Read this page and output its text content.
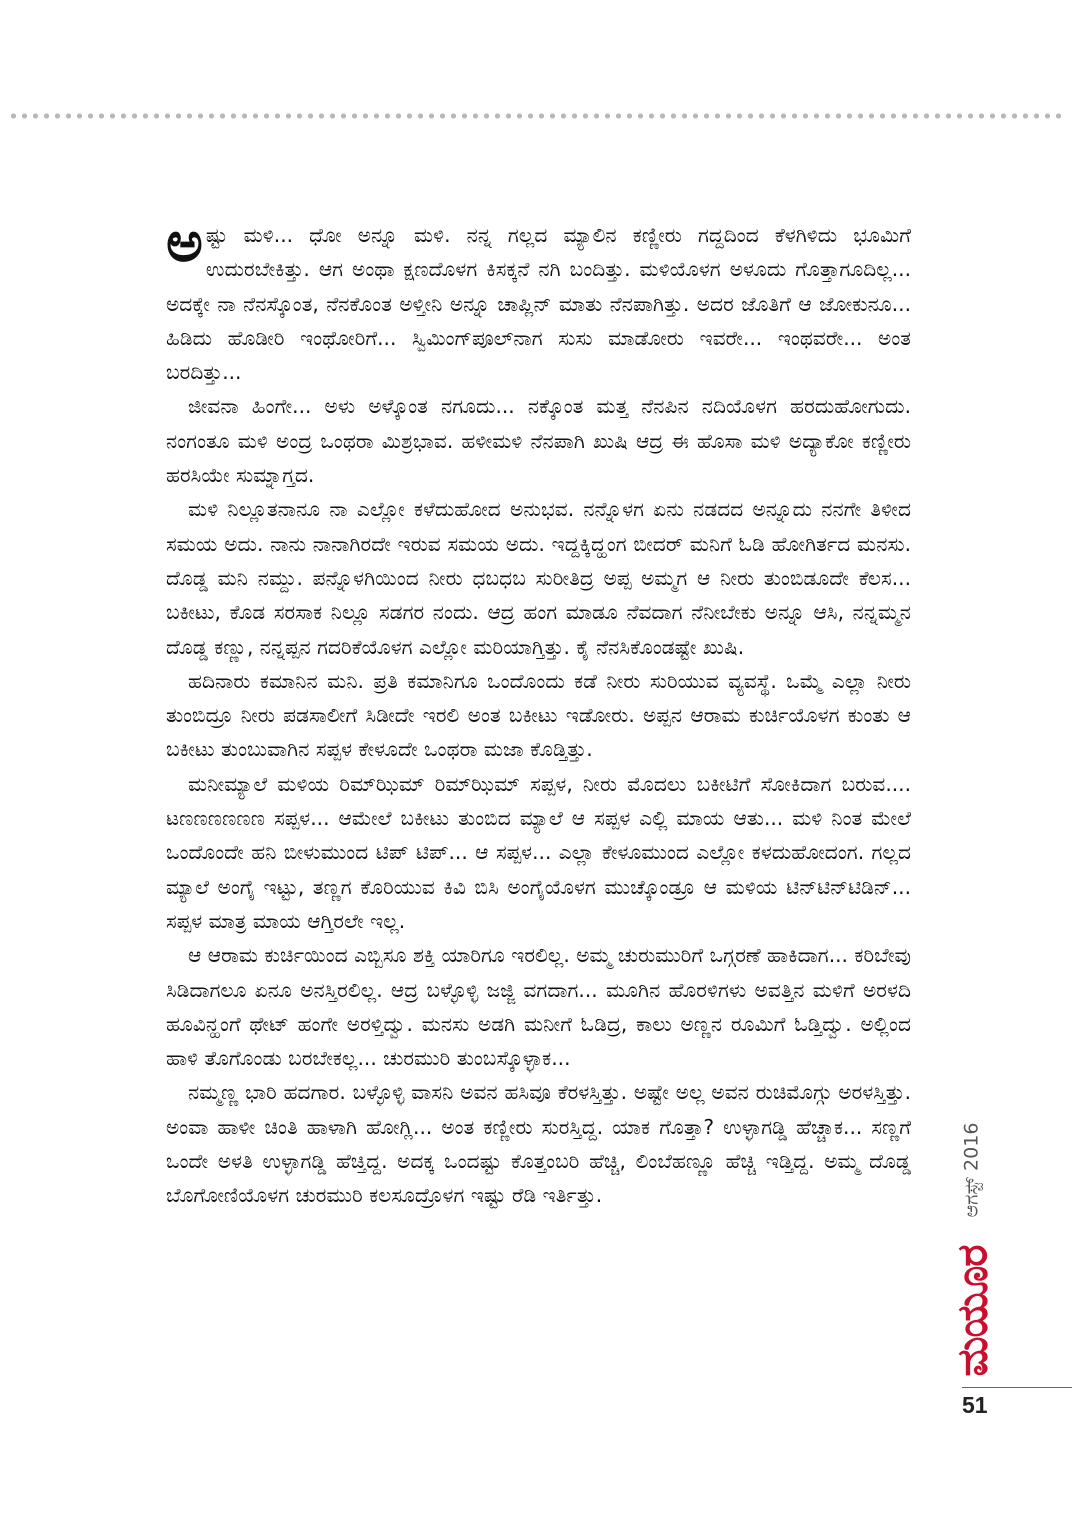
ಅಷ್ಟು ಮಳಿ... ಧೋ ಅನ್ನೂ ಮಳಿ. ನನ್ನ ಗಲ್ಲದ ಮ್ಯಾಲಿನ ಕಣ್ಣೀರು ಗದ್ದದಿಂದ ಕೆಳಗಿಳಿದು ಭೂಮಿಗೆ ಉದುರಬೇಕಿತ್ತು. ಆಗ ಅಂಥಾ ಕ್ಷಣದೊಳಗ ಕಿಸಕ್ಕನೆ ನಗಿ ಬಂದಿತ್ತು. ಮಳಿಯೊಳಗ ಅಳೂದು ಗೊತ್ತಾಗೂದಿಲ್ಲ... ಅದಕ್ಕೇ ನಾ ನೆನಸ್ಕೊಂತ, ನೆನಕೊಂತ ಅಳ್ತೀನಿ ಅನ್ನೂ ಚಾಪ್ಲಿನ್ ಮಾತು ನೆನಪಾಗಿತ್ತು. ಅದರ ಜೊತಿಗೆ ಆ ಜೋಕುನೂ... ಹಿಡಿದು ಹೊಡೀರಿ ಇಂಥೋರಿಗೆ... ಸ್ವಿಮಿಂಗ್‌ಪೂಲ್‌ನಾಗ ಸುಸು ಮಾಡೋರು ಇವರೇ... ಇಂಥವರೇ... ಅಂತ ಬರದಿತ್ತು...

ಜೀವನಾ ಹಿಂಗೇ... ಅಳು ಅಳ್ಕೊಂತ ನಗೂದು... ನಕ್ಕೊಂತ ಮತ್ತ ನೆನಪಿನ ನದಿಯೊಳಗ ಹರದುಹೋಗುದು. ನಂಗಂತೂ ಮಳಿ ಅಂದ್ರ ಒಂಥರಾ ಮಿಶ್ರಭಾವ. ಹಳೀಮಳಿ ನೆನಪಾಗಿ ಖುಷಿ ಆದ್ರ ಈ ಹೊಸಾ ಮಳಿ ಅದ್ಯಾಕೋ ಕಣ್ಣೀರು ಹರಸಿಯೇ ಸುಮ್ನಾಗ್ತದ.

ಮಳಿ ನಿಲ್ಲೂತನಾನೂ ನಾ ಎಲ್ಲೋ ಕಳೆದುಹೋದ ಅನುಭವ. ನನ್ನೊಳಗ ಏನು ನಡದದ ಅನ್ನೂದು ನನಗೇ ತಿಳೀದ ಸಮಯ ಅದು. ನಾನು ನಾನಾಗಿರದೇ ಇರುವ ಸಮಯ ಅದು. ಇದ್ದಕ್ಕಿದ್ಹಂಗ ಬೀದರ್ ಮನಿಗೆ ಓಡಿ ಹೋಗಿರ್ತದ ಮನಸು. ದೊಡ್ಡ ಮನಿ ನಮ್ದು. ಪನ್ನೊಳಗಿಯಿಂದ ನೀರು ಧಬಧಬ ಸುರೀತಿದ್ರ ಅಪ್ಪ ಅಮ್ಮಗ ಆ ನೀರು ತುಂಬಿಡೂದೇ ಕೆಲಸ... ಬಕೀಟು, ಕೊಡ ಸರಸಾಕ ನಿಲ್ಲೂ ಸಡಗರ ನಂದು. ಆದ್ರ ಹಂಗ ಮಾಡೂ ನೆವದಾಗ ನೆನೀಬೇಕು ಅನ್ನೂ ಆಸಿ, ನನ್ನಮ್ಮನ ದೊಡ್ಡ ಕಣ್ಣು, ನನ್ನಪ್ಪನ ಗದರಿಕೆಯೊಳಗ ಎಲ್ಲೋ ಮರಿಯಾಗ್ತಿತ್ತು. ಕೈ ನೆನಸಿಕೊಂಡಷ್ಟೇ ಖುಷಿ.

ಹದಿನಾರು ಕಮಾನಿನ ಮನಿ. ಪ್ರತಿ ಕಮಾನಿಗೂ ಒಂದೊಂದು ಕಡೆ ನೀರು ಸುರಿಯುವ ವ್ಯವಸ್ಥೆ. ಒಮ್ಮೆ ಎಲ್ಲಾ ನೀರು ತುಂಬಿದ್ರೂ ನೀರು ಪಡಸಾಲೀಗೆ ಸಿಡೀದೇ ಇರಲಿ ಅಂತ ಬಕೀಟು ಇಡೋರು. ಅಪ್ಪನ ಆರಾಮ ಕುರ್ಚಿಯೊಳಗ ಕುಂತು ಆ ಬಕೀಟು ತುಂಬುವಾಗಿನ ಸಪ್ಪಳ ಕೇಳೂದೇ ಒಂಥರಾ ಮಜಾ ಕೊಡ್ತಿತ್ತು.

ಮನೀಮ್ಯಾಲೆ ಮಳಿಯ ರಿಮ್‌ಝಿಮ್ ರಿಮ್‌ಝಿಮ್ ಸಪ್ಪಳ, ನೀರು ಮೊದಲು ಬಕೀಟಿಗೆ ಸೋಕಿದಾಗ ಬರುವ.... ಟಣಣಣಣಣಣ ಸಪ್ಪಳ... ಆಮೇಲೆ ಬಕೀಟು ತುಂಬಿದ ಮ್ಯಾಲೆ ಆ ಸಪ್ಪಳ ಎಲ್ಲಿ ಮಾಯ ಆತು... ಮಳಿ ನಿಂತ ಮೇಲೆ ಒಂದೊಂದೇ ಹನಿ ಬೀಳುಮುಂದ ಟಿಪ್ ಟಿಪ್... ಆ ಸಪ್ಪಳ... ಎಲ್ಲಾ ಕೇಳೂಮುಂದ ಎಲ್ಲೋ ಕಳದುಹೋದಂಗ. ಗಲ್ಲದ ಮ್ಯಾಲೆ ಅಂಗೈ ಇಟ್ಟು, ತಣ್ಣಗ ಕೊರಿಯುವ ಕಿವಿ ಬಿಸಿ ಅಂಗೈಯೊಳಗ ಮುಚ್ಕೊಂಡ್ರೂ ಆ ಮಳಿಯ ಟಿನ್‌ಟಿನ್‌ಟಿಡಿನ್... ಸಪ್ಪಳ ಮಾತ್ರ ಮಾಯ ಆಗ್ತಿರಲೇ ಇಲ್ಲ.

ಆ ಆರಾಮ ಕುರ್ಚಿಯಿಂದ ಎಬ್ಬಿಸೂ ಶಕ್ತಿ ಯಾರಿಗೂ ಇರಲಿಲ್ಲ. ಅಮ್ಮ ಚುರುಮುರಿಗೆ ಒಗ್ಗರಣೆ ಹಾಕಿದಾಗ... ಕರಿಬೇವು ಸಿಡಿದಾಗಲೂ ಏನೂ ಅನಸ್ತಿರಲಿಲ್ಲ. ಆದ್ರ ಬಳ್ಳೊಳ್ಳಿ ಜಜ್ಜಿ ವಗದಾಗ... ಮೂಗಿನ ಹೊರಳಿಗಳು ಅವತ್ತಿನ ಮಳಿಗೆ ಅರಳದಿ ಹೂವಿನ್ಹಂಗೆ ಥೇಟ್ ಹಂಗೇ ಅರಳ್ತಿದ್ವು. ಮನಸು ಅಡಗಿ ಮನೀಗೆ ಓಡಿದ್ರ, ಕಾಲು ಅಣ್ಣನ ರೂಮಿಗೆ ಓಡ್ತಿದ್ವು. ಅಲ್ಲಿಂದ ಹಾಳಿ ತೊಗೊಂಡು ಬರಬೇಕಲ್ಲ... ಚುರಮುರಿ ತುಂಬಸ್ಕೊಳ್ಳಾಕ...

ನಮ್ಮಣ್ಣ ಭಾರಿ ಹದಗಾರ. ಬಳ್ಳೊಳ್ಳಿ ವಾಸನಿ ಅವನ ಹಸಿವೂ ಕೆರಳಸ್ತಿತ್ತು. ಅಷ್ಟೇ ಅಲ್ಲ ಅವನ ರುಚಿಮೊಗ್ಗು ಅರಳಸ್ತಿತ್ತು. ಅಂವಾ ಹಾಳೀ ಚಿಂತಿ ಹಾಳಾಗಿ ಹೋಗ್ಲಿ... ಅಂತ ಕಣ್ಣೀರು ಸುರಸ್ತಿದ್ದ. ಯಾಕ ಗೊತ್ತಾ? ಉಳ್ಳಾಗಡ್ಡಿ ಹೆಚ್ಚಾಕ... ಸಣ್ಣಗೆ ಒಂದೇ ಅಳತಿ ಉಳ್ಳಾಗಡ್ಡಿ ಹೆಚ್ತಿದ್ದ. ಅದಕ್ಕ ಒಂದಷ್ಟು ಕೊತ್ತಂಬರಿ ಹೆಚ್ಚಿ, ಲಿಂಬೆಹಣ್ಣೂ ಹೆಚ್ಚಿ ಇಡ್ತಿದ್ದ. ಅಮ್ಮ ದೊಡ್ಡ ಬೊಗೋಣಿಯೊಳಗ ಚುರಮುರಿ ಕಲಸೂದ್ರೊಳಗ ಇಷ್ಟು ರೆಡಿ ಇರ್ತಿತ್ತು.	ಆಗಸ್ಟ್ 2016
ಮಯೂರ
51
